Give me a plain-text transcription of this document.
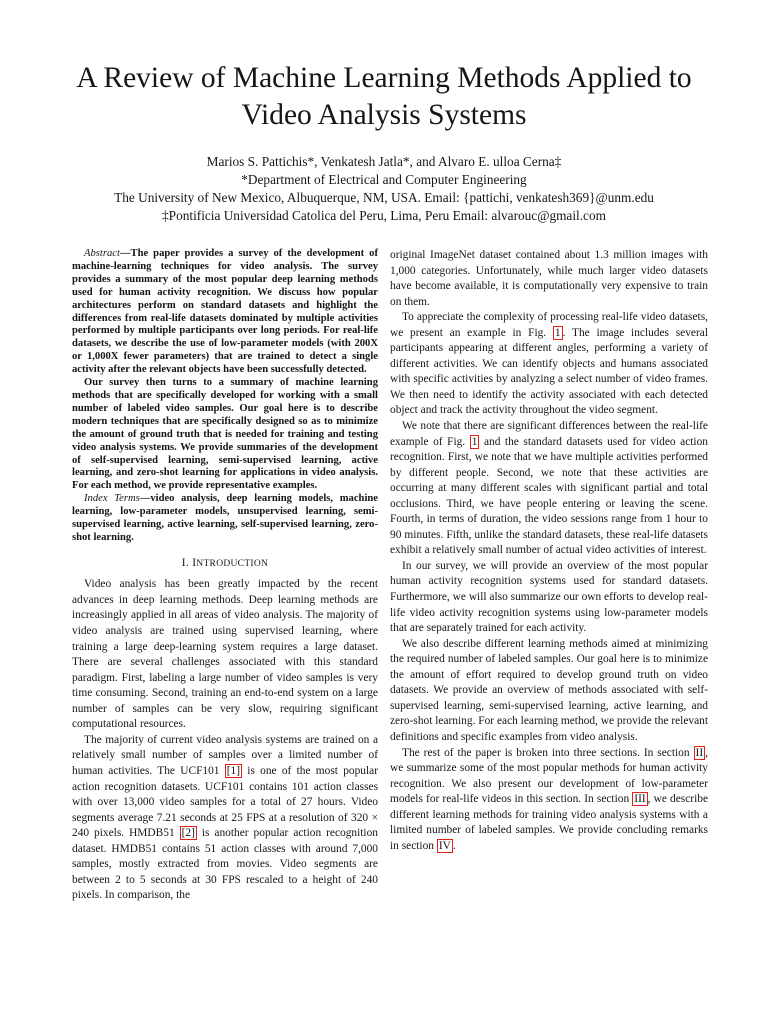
A Review of Machine Learning Methods Applied to
Video Analysis Systems
Marios S. Pattichis*, Venkatesh Jatla*, and Alvaro E. ulloa Cerna‡
*Department of Electrical and Computer Engineering
The University of New Mexico, Albuquerque, NM, USA. Email: {pattichi, venkatesh369}@unm.edu
‡Pontificia Universidad Catolica del Peru, Lima, Peru Email: alvarouc@gmail.com

Abstract—The paper provides a survey of the development of machine-learning techniques for video analysis. The survey provides a summary of the most popular deep learning methods used for human activity recognition. We discuss how popular architectures perform on standard datasets and highlight the differences from real-life datasets dominated by multiple activities performed by multiple participants over long periods. For real-life datasets, we describe the use of low-parameter models (with 200X or 1,000X fewer parameters) that are trained to detect a single activity after the relevant objects have been successfully detected.

Our survey then turns to a summary of machine learning methods that are specifically developed for working with a small number of labeled video samples. Our goal here is to describe modern techniques that are specifically designed so as to minimize the amount of ground truth that is needed for training and testing video analysis systems. We provide summaries of the development of self-supervised learning, semi-supervised learning, active learning, and zero-shot learning for applications in video analysis. For each method, we provide representative examples.

Index Terms—video analysis, deep learning models, machine learning, low-parameter models, unsupervised learning, semi-supervised learning, active learning, self-supervised learning, zero-shot learning.

I. INTRODUCTION

Video analysis has been greatly impacted by the recent advances in deep learning methods. Deep learning methods are increasingly applied in all areas of video analysis. The majority of video analysis are trained using supervised learning, where training a large deep-learning system requires a large dataset. There are several challenges associated with this standard paradigm. First, labeling a large number of video samples is very time consuming. Second, training an end-to-end system on a large number of samples can be very slow, requiring significant computational resources.

The majority of current video analysis systems are trained on a relatively small number of samples over a limited number of human activities. The UCF101 [1] is one of the most popular action recognition datasets. UCF101 contains 101 action classes with over 13,000 video samples for a total of 27 hours. Video segments average 7.21 seconds at 25 FPS at a resolution of 320 × 240 pixels. HMDB51 [2] is another popular action recognition dataset. HMDB51 contains 51 action classes with around 7,000 samples, mostly extracted from movies. Video segments are between 2 to 5 seconds at 30 FPS rescaled to a height of 240 pixels. In comparison, the

original ImageNet dataset contained about 1.3 million images with 1,000 categories. Unfortunately, while much larger video datasets have become available, it is computationally very expensive to train on them.

To appreciate the complexity of processing real-life video datasets, we present an example in Fig. 1 . The image includes several participants appearing at different angles, performing a variety of different activities. We can identify objects and humans associated with specific activities by analyzing a select number of video frames. We then need to identify the activity associated with each detected object and track the activity throughout the video segment.

We note that there are significant differences between the real-life example of Fig. 1 and the standard datasets used for video action recognition. First, we note that we have multiple activities performed by different people. Second, we note that these activities are occurring at many different scales with significant partial and total occlusions. Third, we have people entering or leaving the scene. Fourth, in terms of duration, the video sessions range from 1 hour to 90 minutes. Fifth, unlike the standard datasets, these real-life datasets exhibit a relatively small number of actual video activities of interest.

In our survey, we will provide an overview of the most popular human activity recognition systems used for standard datasets. Furthermore, we will also summarize our own efforts to develop real-life video activity recognition systems using low-parameter models that are separately trained for each activity.

We also describe different learning methods aimed at minimizing the required number of labeled samples. Our goal here is to minimize the amount of effort required to develop ground truth on video datasets. We provide an overview of methods associated with self-supervised learning, semi-supervised learning, active learning, and zero-shot learning. For each learning method, we provide the relevant definitions and specific examples from video analysis.

The rest of the paper is broken into three sections. In section II , we summarize some of the most popular methods for human activity recognition. We also present our development of low-parameter models for real-life videos in this section. In section III , we describe different learning methods for training video analysis systems with a limited number of labeled samples. We provide concluding remarks in section IV .
